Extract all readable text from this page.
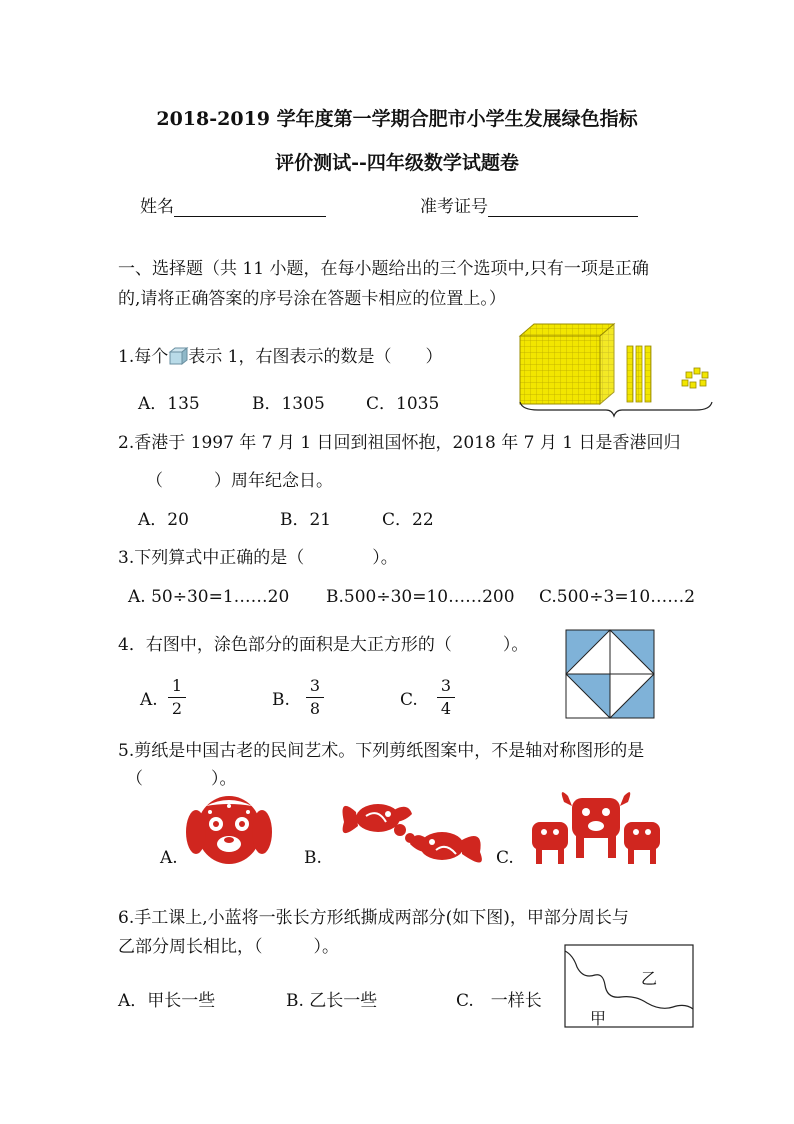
2018-2019 学年度第一学期合肥市小学生发展绿色指标
评价测试--四年级数学试题卷
姓名	准考证号
一、选择题（共 11 小题，在每小题给出的三个选项中,只有一项是正确
的,请将正确答案的序号涂在答题卡相应的位置上。）
1.每个 表示 1，右图表示的数是（　　）
A．135	B．1305 C．1035
2.香港于 1997 年 7 月 1 日回到祖国怀抱，2018 年 7 月 1 日是香港回归
（　　　）周年纪念日。
A．20	B．21	C．22
3.下列算式中正确的是（　　　　）。
A. 50÷30=1……20 B.500÷30=10……200 C.500÷3=10……2
4．右图中，涂色部分的面积是大正方形的（　　　）。
A.
1
2	B.
3
8	C.
3
4
5.剪纸是中国古老的民间艺术。下列剪纸图案中，不是轴对称图形的是
（　　　　）。
A.	B.	C.
6.手工课上,小蓝将一张长方形纸撕成两部分(如下图)，甲部分周长与
乙部分周长相比，（　　　）。
A．甲长一些	B. 乙长一些	C.　一样长
乙
甲
